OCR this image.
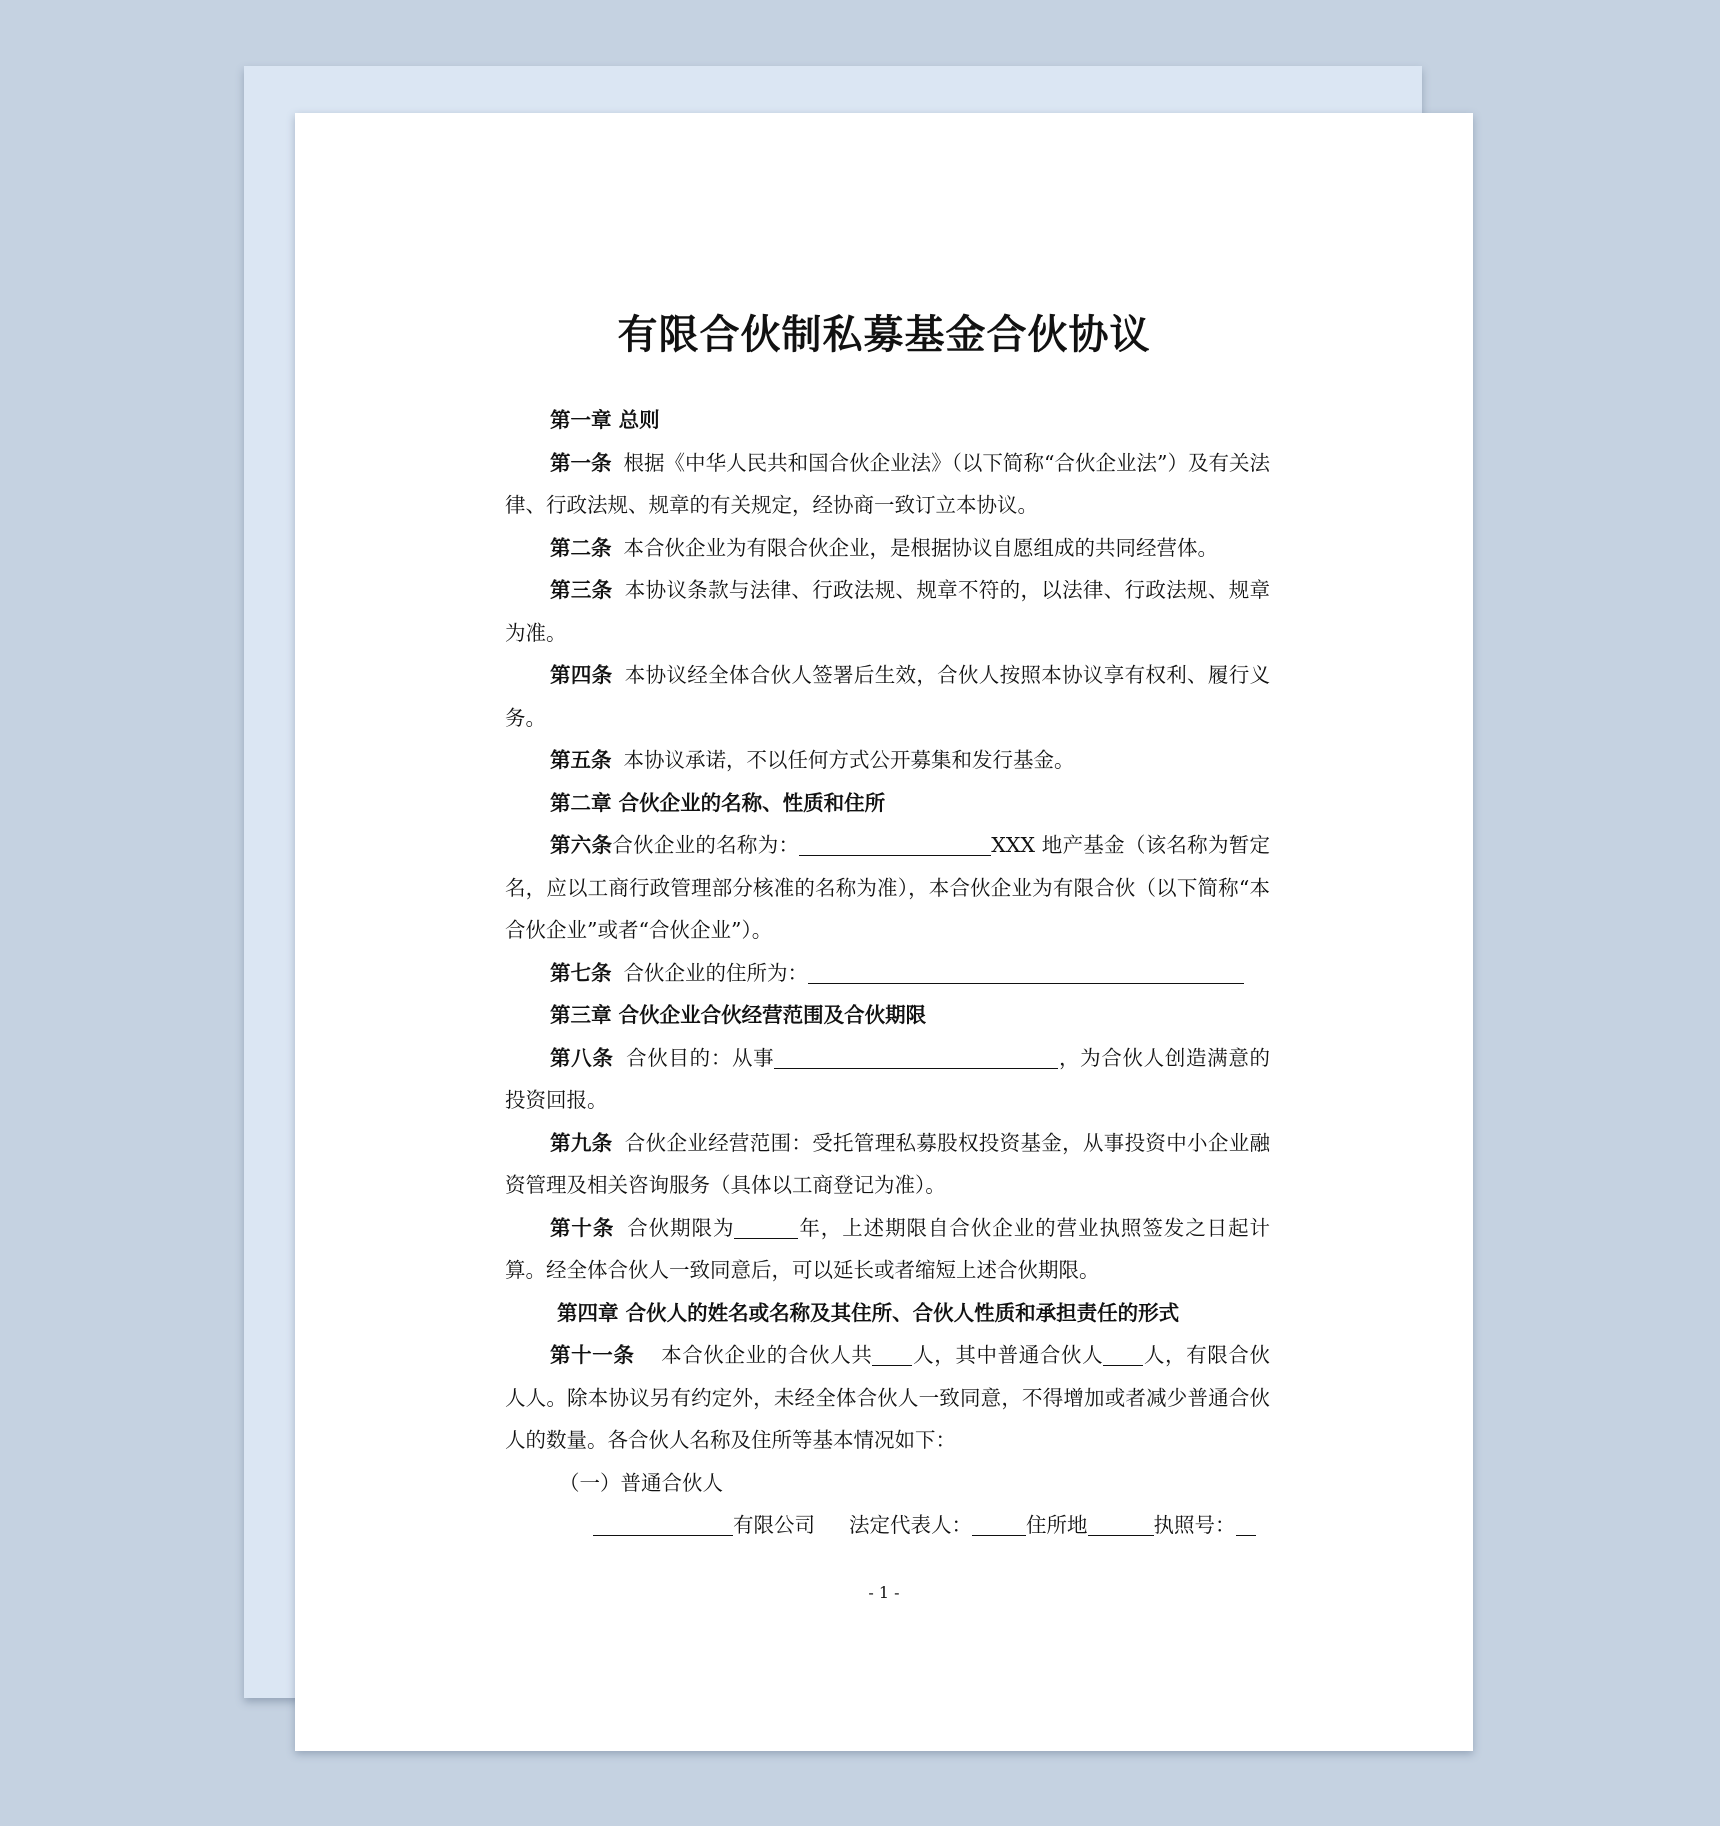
有限合伙制私募基金合伙协议

第一章 总则

第一条 根据《中华人民共和国合伙企业法》（以下简称“合伙企业法”）及有关法律、行政法规、规章的有关规定，经协商一致订立本协议。

第二条 本合伙企业为有限合伙企业，是根据协议自愿组成的共同经营体。

第三条 本协议条款与法律、行政法规、规章不符的，以法律、行政法规、规章为准。

第四条 本协议经全体合伙人签署后生效，合伙人按照本协议享有权利、履行义务。

第五条 本协议承诺，不以任何方式公开募集和发行基金。

第二章 合伙企业的名称、性质和住所

第六条合伙企业的名称为：	XXX 地产基金（该名称为暂定名，应以工商行政管理部分核准的名称为准），本合伙企业为有限合伙（以下简称“本合伙企业”或者“合伙企业”）。

第七条 合伙企业的住所为：

第三章 合伙企业合伙经营范围及合伙期限

第八条 合伙目的：从事	，为合伙人创造满意的投资回报。

第九条 合伙企业经营范围：受托管理私募股权投资基金，从事投资中小企业融资管理及相关咨询服务（具体以工商登记为准）。

第十条 合伙期限为	年，上述期限自合伙企业的营业执照签发之日起计算。经全体合伙人一致同意后，可以延长或者缩短上述合伙期限。

第四章 合伙人的姓名或名称及其住所、合伙人性质和承担责任的形式

第十一条 本合伙企业的合伙人共 人，其中普通合伙人 人，有限合伙人人。除本协议另有约定外，未经全体合伙人一致同意，不得增加或者减少普通合伙人的数量。各合伙人名称及住所等基本情况如下：

（一）普通合伙人

有限公司 法定代表人：	住所地	执照号：

- 1 -
